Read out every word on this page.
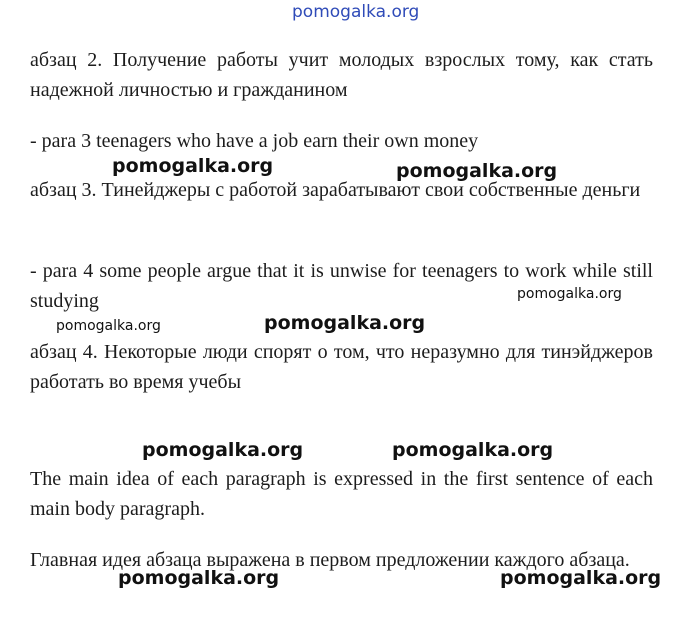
pomogalka.org

абзац 2. Получение работы учит молодых взрослых тому, как стать надежной личностью и гражданином

- para 3 teenagers who have a job earn their own money

абзац 3. Тинейджеры с работой зарабатывают свои собственные деньги

- para 4 some people argue that it is unwise for teenagers to work while still studying

абзац 4. Некоторые люди спорят о том, что неразумно для тинэйджеров работать во время учебы

The main idea of each paragraph is expressed in the first sentence of each main body paragraph.

Главная идея абзаца выражена в первом предложении каждого абзаца.

pomogalka.org	pomogalka.org
pomogalka.org
pomogalka.org	pomogalka.org
pomogalka.org	pomogalka.org
pomogalka.org	pomogalka.org
